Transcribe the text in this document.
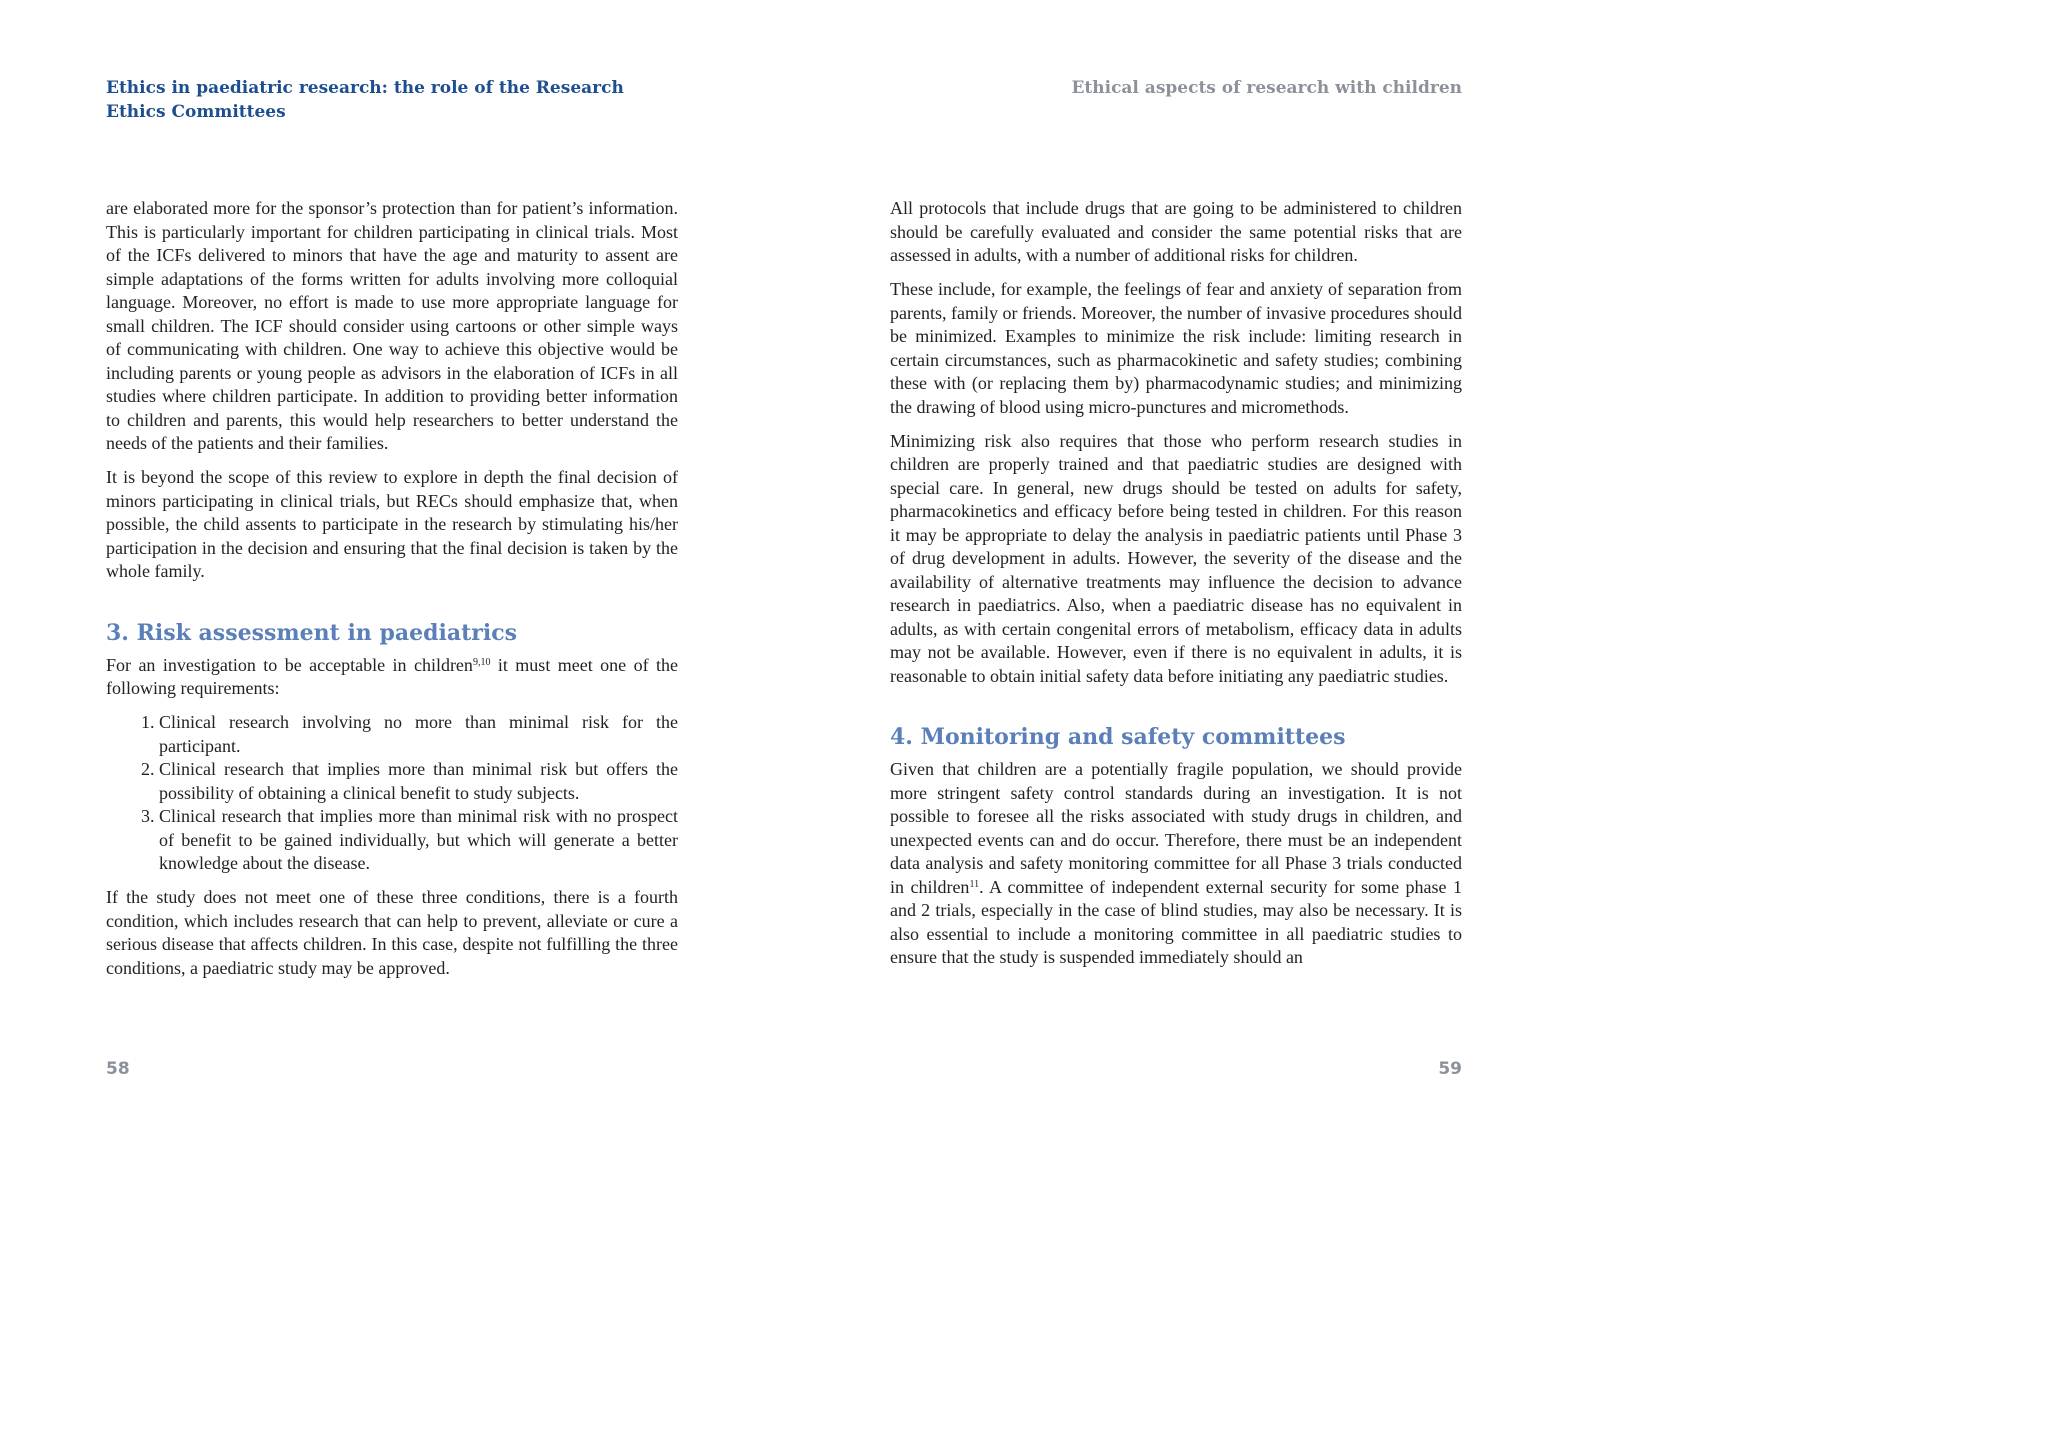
Ethics in paediatric research: the role of the Research Ethics Committees

are elaborated more for the sponsor’s protection than for patient’s information. This is particularly important for children participating in clinical trials. Most of the ICFs delivered to minors that have the age and maturity to assent are simple adaptations of the forms written for adults involving more colloquial language. Moreover, no effort is made to use more appropriate language for small children. The ICF should consider using cartoons or other simple ways of communicating with children. One way to achieve this objective would be including parents or young people as advisors in the elaboration of ICFs in all studies where children participate. In addition to providing better information to children and parents, this would help researchers to better understand the needs of the patients and their families.

It is beyond the scope of this review to explore in depth the final decision of minors participating in clinical trials, but RECs should emphasize that, when possible, the child assents to participate in the research by stimulating his/her participation in the decision and ensuring that the final decision is taken by the whole family.

3. Risk assessment in paediatrics

For an investigation to be acceptable in children$^{9,10}$ it must meet one of the following requirements:

1. Clinical research involving no more than minimal risk for the participant.
2. Clinical research that implies more than minimal risk but offers the possibility of obtaining a clinical benefit to study subjects.
3. Clinical research that implies more than minimal risk with no prospect of benefit to be gained individually, but which will generate a better knowledge about the disease.

If the study does not meet one of these three conditions, there is a fourth condition, which includes research that can help to prevent, alleviate or cure a serious disease that affects children. In this case, despite not fulfilling the three conditions, a paediatric study may be approved.

58
Ethical aspects of research with children

All protocols that include drugs that are going to be administered to children should be carefully evaluated and consider the same potential risks that are assessed in adults, with a number of additional risks for children.

These include, for example, the feelings of fear and anxiety of separation from parents, family or friends. Moreover, the number of invasive procedures should be minimized. Examples to minimize the risk include: limiting research in certain circumstances, such as pharmacokinetic and safety studies; combining these with (or replacing them by) pharmacodynamic studies; and minimizing the drawing of blood using micro-punctures and micromethods.

Minimizing risk also requires that those who perform research studies in children are properly trained and that paediatric studies are designed with special care. In general, new drugs should be tested on adults for safety, pharmacokinetics and efficacy before being tested in children. For this reason it may be appropriate to delay the analysis in paediatric patients until Phase 3 of drug development in adults. However, the severity of the disease and the availability of alternative treatments may influence the decision to advance research in paediatrics. Also, when a paediatric disease has no equivalent in adults, as with certain congenital errors of metabolism, efficacy data in adults may not be available. However, even if there is no equivalent in adults, it is reasonable to obtain initial safety data before initiating any paediatric studies.

4. Monitoring and safety committees

Given that children are a potentially fragile population, we should provide more stringent safety control standards during an investigation. It is not possible to foresee all the risks associated with study drugs in children, and unexpected events can and do occur. Therefore, there must be an independent data analysis and safety monitoring committee for all Phase 3 trials conducted in children$^{11}$. A committee of independent external security for some phase 1 and 2 trials, especially in the case of blind studies, may also be necessary. It is also essential to include a monitoring committee in all paediatric studies to ensure that the study is suspended immediately should an

59
